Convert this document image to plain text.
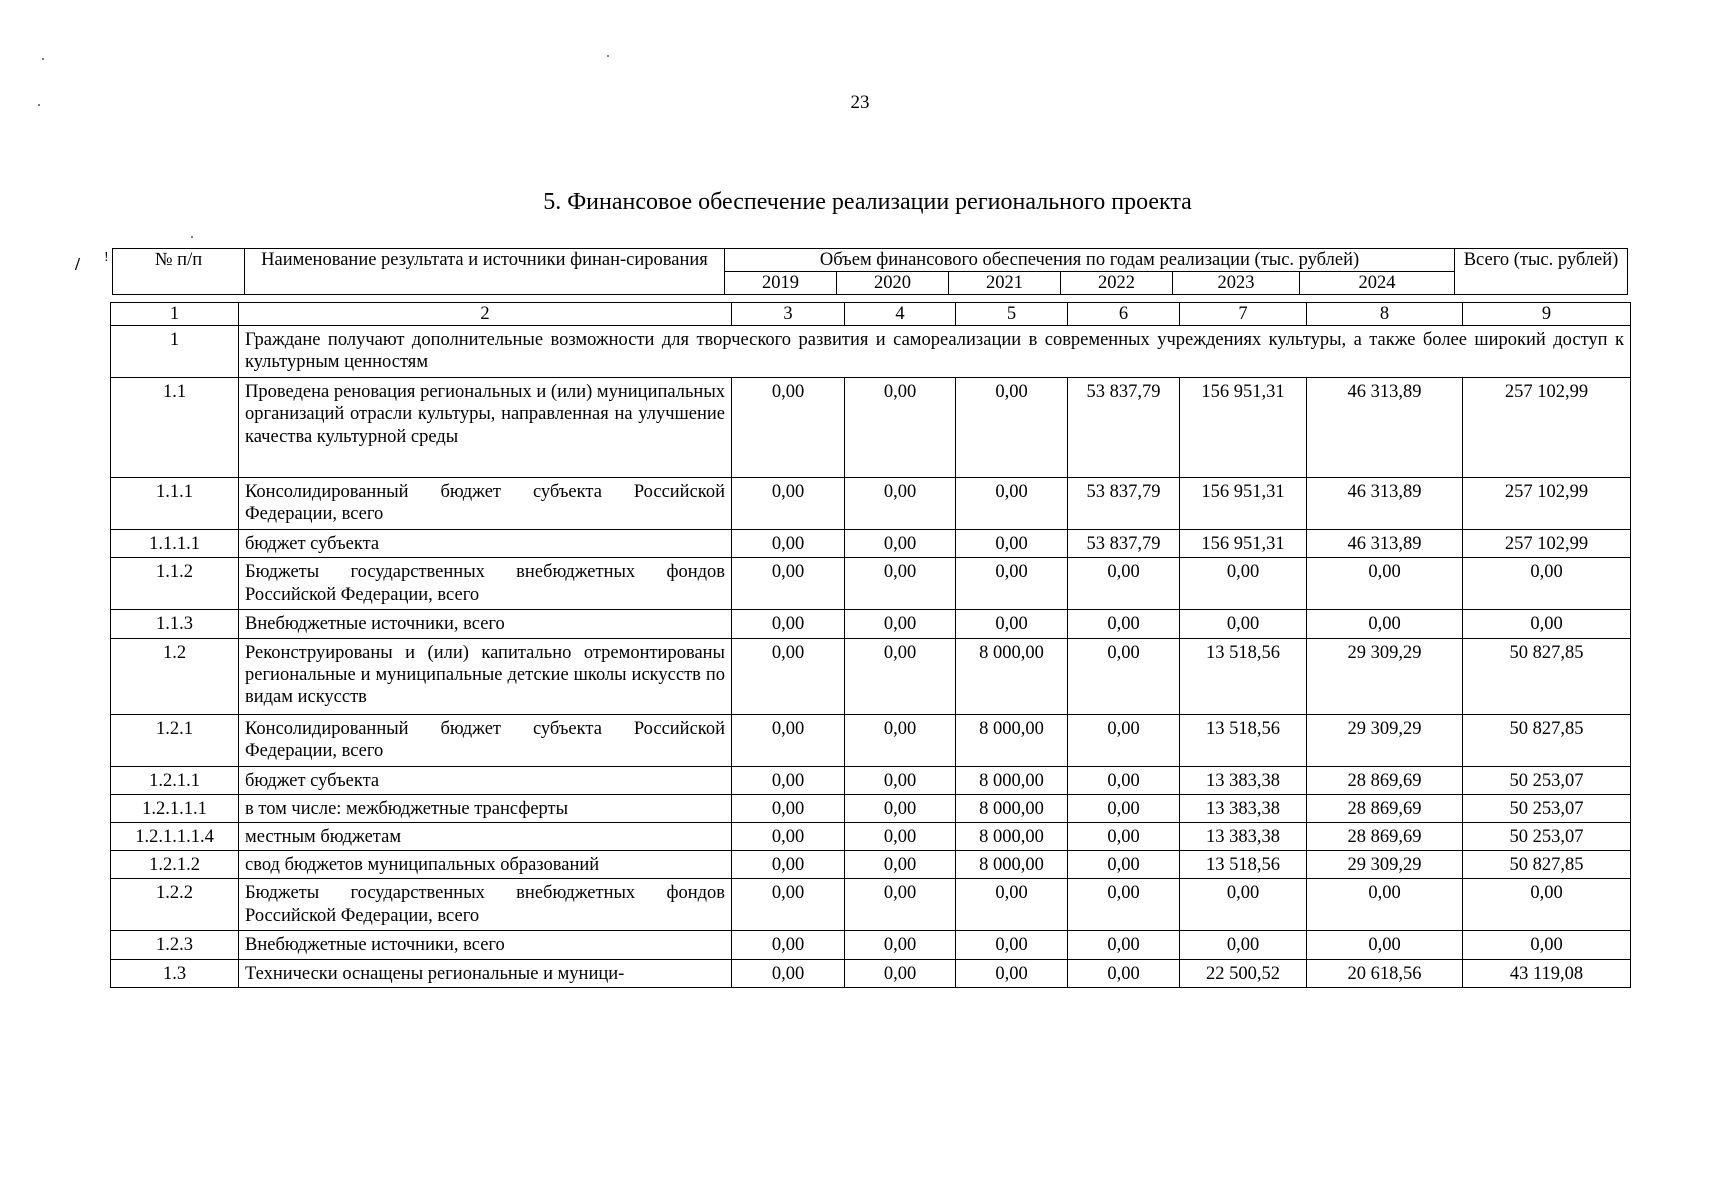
23
5. Финансовое обеспечение реализации регионального проекта
/ ! № п/п	Наименование результата и источники финан-сирования	Объем финансового обеспечения по годам реализации (тыс. рублей)						Всего (тыс. рублей)
		2019	2020	2021	2022	2023	2024	
1	2	3	4	5	6	7	8	9
1	Граждане получают дополнительные возможности для творческого развития и самореализации в современных учреждениях культуры, а также более широкий доступ к культурным ценностям							
1.1	Проведена реновация региональных и (или) муниципальных организаций отрасли культуры, направленная на улучшение качества культурной среды	0,00	0,00	0,00	53 837,79	156 951,31	46 313,89	257 102,99
1.1.1	Консолидированный бюджет субъекта Российской Федерации, всего	0,00	0,00	0,00	53 837,79	156 951,31	46 313,89	257 102,99
1.1.1.1	бюджет субъекта	0,00	0,00	0,00	53 837,79	156 951,31	46 313,89	257 102,99
1.1.2	Бюджеты государственных внебюджетных фондов Российской Федерации, всего	0,00	0,00	0,00	0,00	0,00	0,00	0,00
1.1.3	Внебюджетные источники, всего	0,00	0,00	0,00	0,00	0,00	0,00	0,00
1.2	Реконструированы и (или) капитально отремонтированы региональные и муниципальные детские школы искусств по видам искусств	0,00	0,00	8 000,00	0,00	13 518,56	29 309,29	50 827,85
1.2.1	Консолидированный бюджет субъекта Российской Федерации, всего	0,00	0,00	8 000,00	0,00	13 518,56	29 309,29	50 827,85
1.2.1.1	бюджет субъекта	0,00	0,00	8 000,00	0,00	13 383,38	28 869,69	50 253,07
1.2.1.1.1	в том числе: межбюджетные трансферты	0,00	0,00	8 000,00	0,00	13 383,38	28 869,69	50 253,07
1.2.1.1.1.4	местным бюджетам	0,00	0,00	8 000,00	0,00	13 383,38	28 869,69	50 253,07
1.2.1.2	свод бюджетов муниципальных образований	0,00	0,00	8 000,00	0,00	13 518,56	29 309,29	50 827,85
1.2.2	Бюджеты государственных внебюджетных фондов Российской Федерации, всего	0,00	0,00	0,00	0,00	0,00	0,00	0,00
1.2.3	Внебюджетные источники, всего	0,00	0,00	0,00	0,00	0,00	0,00	0,00
1.3	Технически оснащены региональные и муници-	0,00	0,00	0,00	0,00	22 500,52	20 618,56	43 119,08
